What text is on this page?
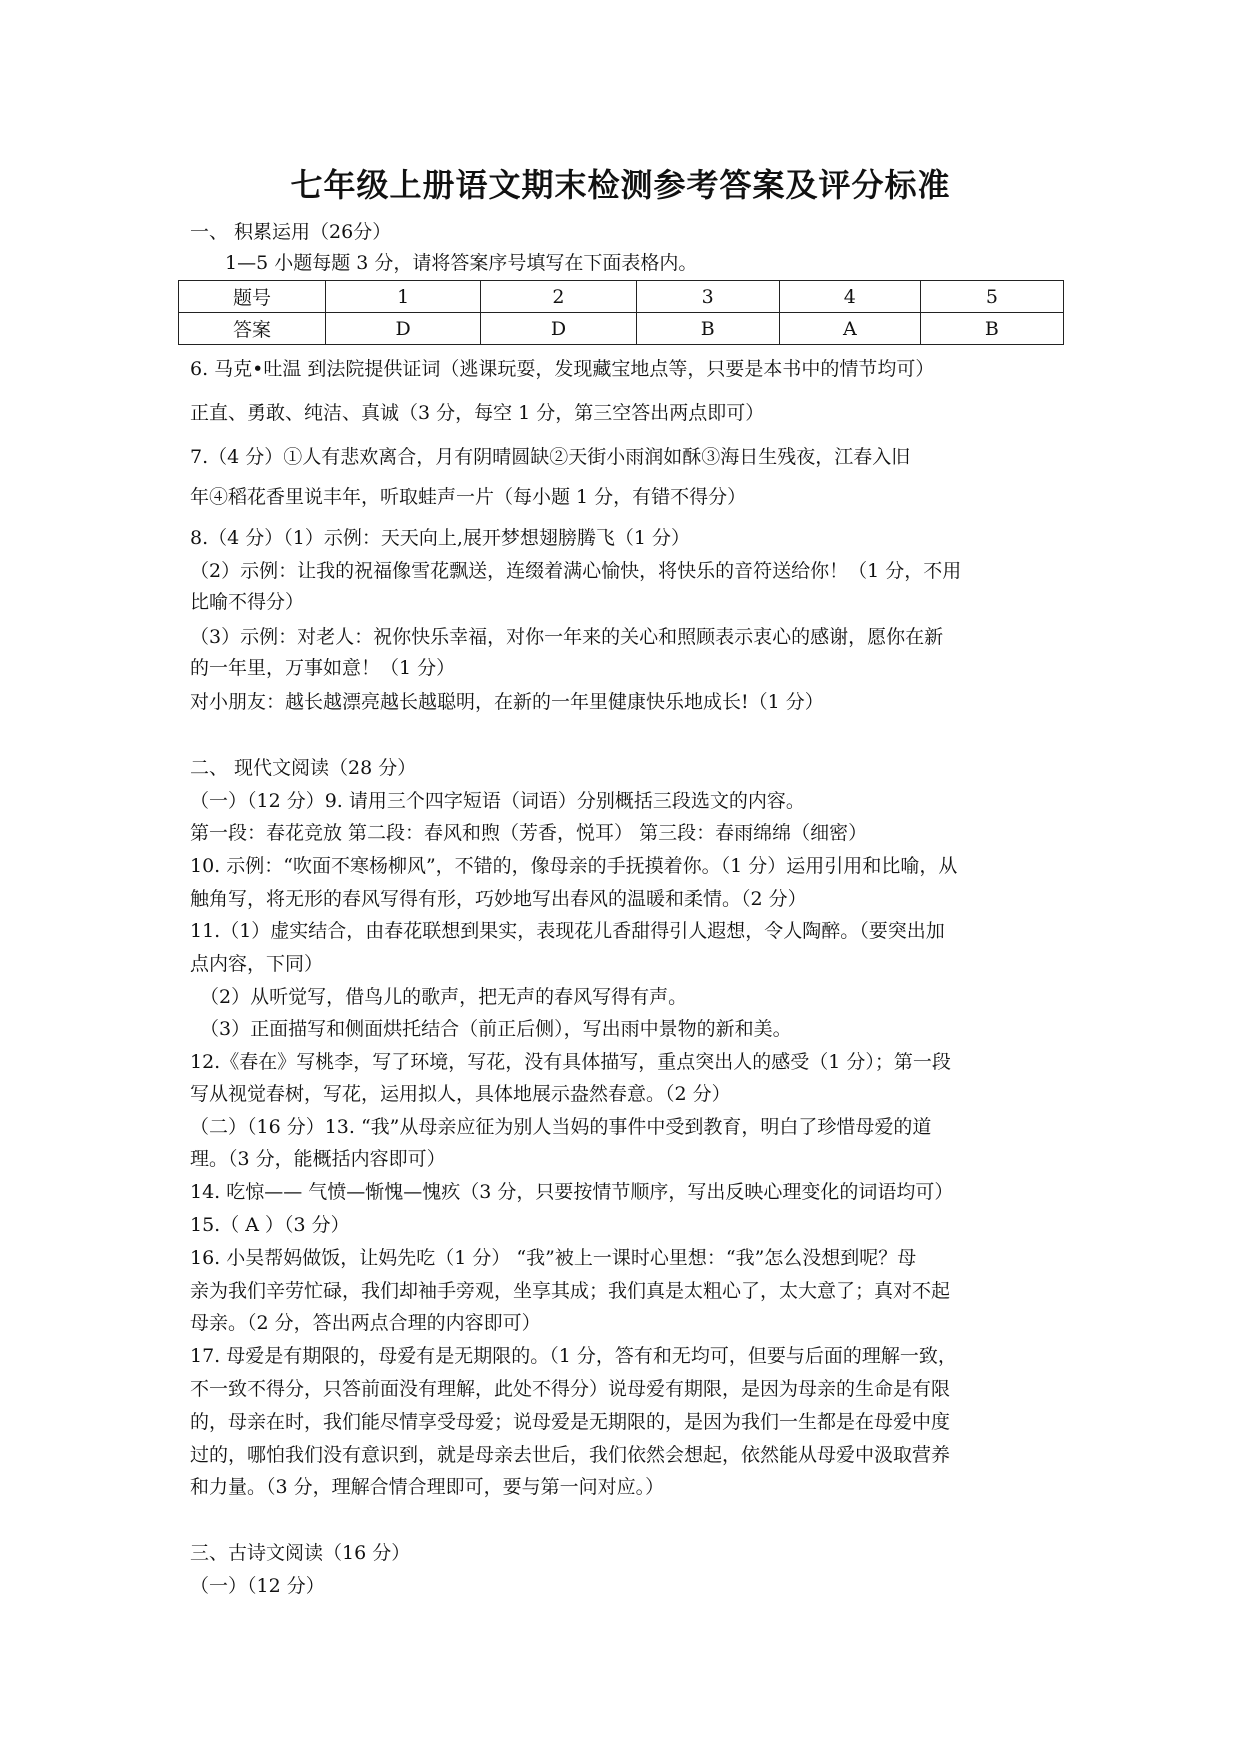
七年级上册语文期末检测参考答案及评分标准
一、 积累运用（26分）
1—5 小题每题 3 分，请将答案序号填写在下面表格内。
题号	1	2	3	4	5
答案	D	D	B	A	B
6. 马克•吐温 到法院提供证词（逃课玩耍，发现藏宝地点等，只要是本书中的情节均可）
正直、勇敢、纯洁、真诚（3 分，每空 1 分，第三空答出两点即可）
7.（4 分）①人有悲欢离合，月有阴晴圆缺②天街小雨润如酥③海日生残夜，江春入旧
年④稻花香里说丰年，听取蛙声一片（每小题 1 分，有错不得分）
8.（4 分）（1）示例：天天向上,展开梦想翅膀腾飞（1 分）
（2）示例：让我的祝福像雪花飘送，连缀着满心愉快，将快乐的音符送给你！（1 分，不用
比喻不得分）
（3）示例：对老人：祝你快乐幸福，对你一年来的关心和照顾表示衷心的感谢，愿你在新
的一年里，万事如意！（1 分）
对小朋友：越长越漂亮越长越聪明，在新的一年里健康快乐地成长!（1 分）
二、 现代文阅读（28 分）
（一）（12 分）9. 请用三个四字短语（词语）分别概括三段选文的内容。
第一段：春花竞放 第二段：春风和煦（芳香，悦耳） 第三段：春雨绵绵（细密）
10. 示例：“吹面不寒杨柳风”，不错的，像母亲的手抚摸着你。（1 分）运用引用和比喻，从
触角写，将无形的春风写得有形，巧妙地写出春风的温暖和柔情。（2 分）
11.（1）虚实结合，由春花联想到果实，表现花儿香甜得引人遐想，令人陶醉。（要突出加
点内容，下同）
（2）从听觉写，借鸟儿的歌声，把无声的春风写得有声。
（3）正面描写和侧面烘托结合（前正后侧），写出雨中景物的新和美。
12.《春在》写桃李，写了环境，写花，没有具体描写，重点突出人的感受（1 分）；第一段
写从视觉春树，写花，运用拟人，具体地展示盎然春意。（2 分）
（二）（16 分）13. “我”从母亲应征为别人当妈的事件中受到教育，明白了珍惜母爱的道
理。（3 分，能概括内容即可）
14. 吃惊—— 气愤—惭愧—愧疚（3 分，只要按情节顺序，写出反映心理变化的词语均可）
15.（ A ）（3 分）
16. 小吴帮妈做饭，让妈先吃（1 分） “我”被上一课时心里想：“我”怎么没想到呢？母
亲为我们辛劳忙碌，我们却袖手旁观，坐享其成；我们真是太粗心了，太大意了；真对不起
母亲。（2 分，答出两点合理的内容即可）
17. 母爱是有期限的，母爱有是无期限的。（1 分，答有和无均可，但要与后面的理解一致，
不一致不得分，只答前面没有理解，此处不得分）说母爱有期限，是因为母亲的生命是有限
的，母亲在时，我们能尽情享受母爱；说母爱是无期限的，是因为我们一生都是在母爱中度
过的，哪怕我们没有意识到，就是母亲去世后，我们依然会想起，依然能从母爱中汲取营养
和力量。（3 分，理解合情合理即可，要与第一问对应。）
三、古诗文阅读（16 分）
（一）（12 分）
